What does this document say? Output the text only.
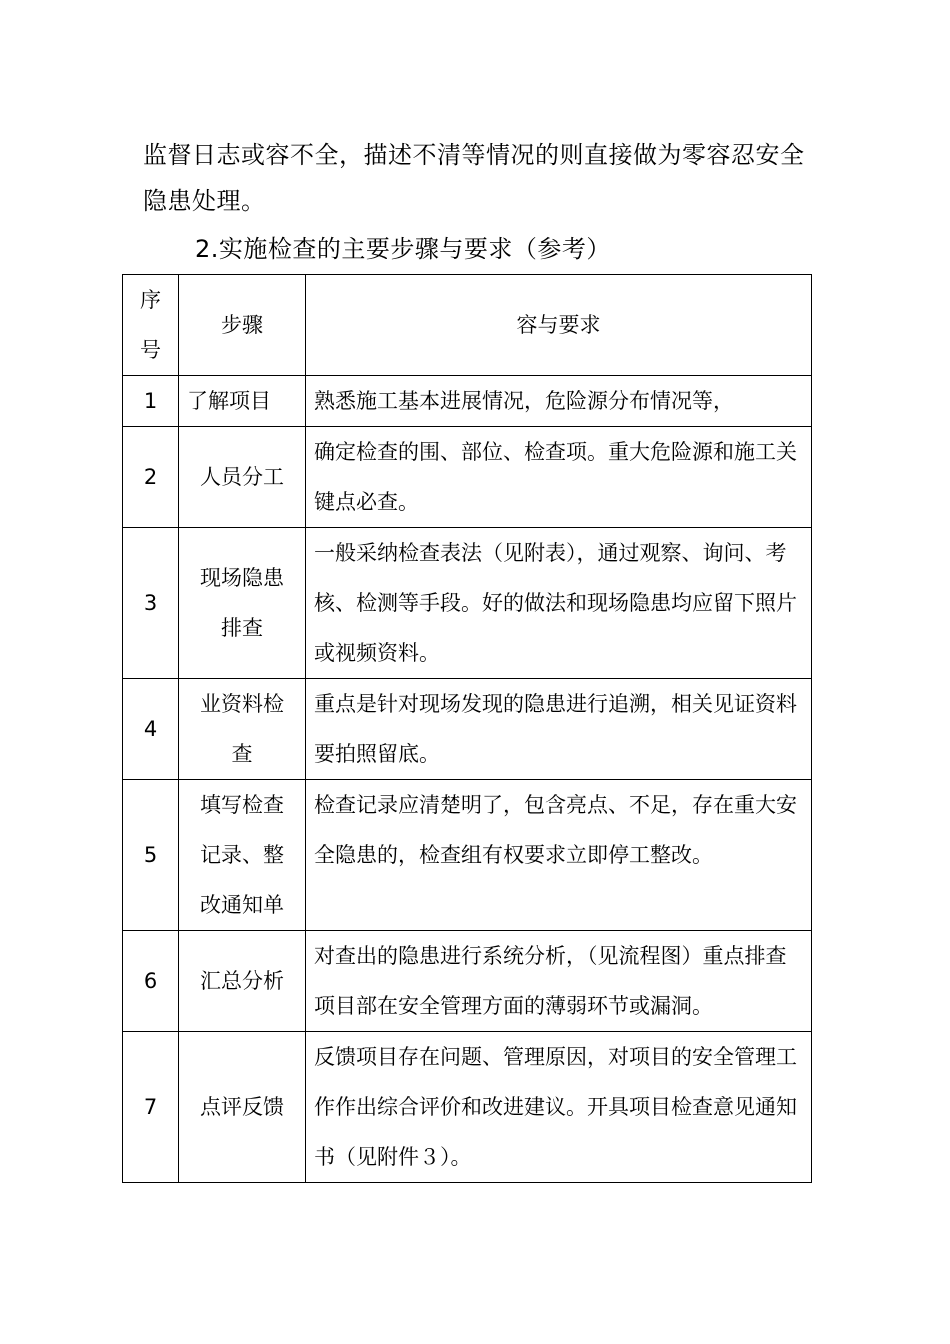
监督日志或容不全，描述不清等情况的则直接做为零容忍安全隐患处理。
2.实施检查的主要步骤与要求（参考）
序
号	步骤	容与要求
1	了解项目	熟悉施工基本进展情况，危险源分布情况等，
2	人员分工	确定检查的围、部位、检查项。重大危险源和施工关键点必查。
3	现场隐患排查	一般采纳检查表法（见附表），通过观察、询问、考核、检测等手段。好的做法和现场隐患均应留下照片或视频资料。
4	业资料检查	重点是针对现场发现的隐患进行追溯，相关见证资料要拍照留底。
5	填写检查记录、整改通知单	检查记录应清楚明了，包含亮点、不足，存在重大安全隐患的，检查组有权要求立即停工整改。
6	汇总分析	对查出的隐患进行系统分析，（见流程图）重点排查项目部在安全管理方面的薄弱环节或漏洞。
7	点评反馈	反馈项目存在问题、管理原因，对项目的安全管理工作作出综合评价和改进建议。开具项目检查意见通知书（见附件３）。
